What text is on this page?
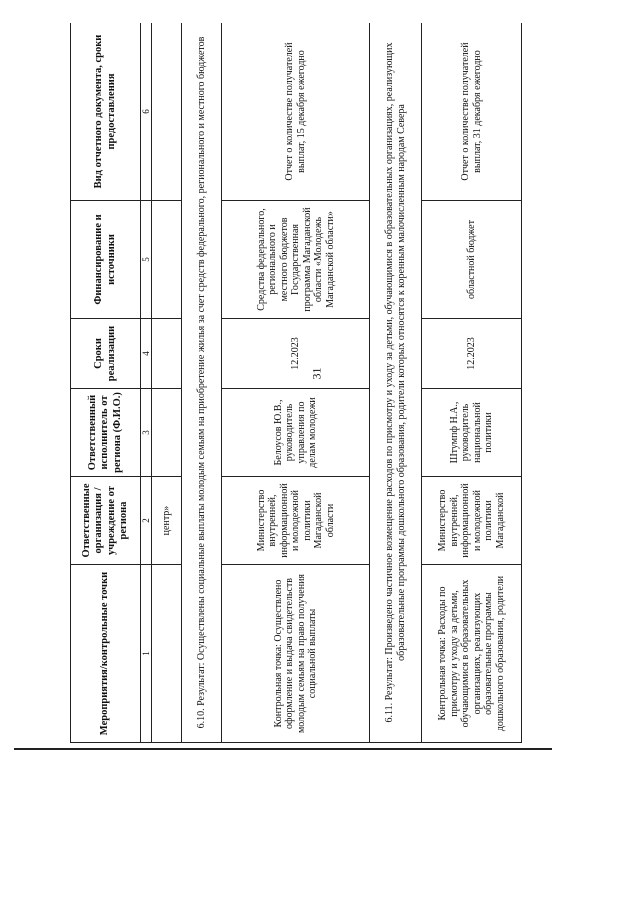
31
Мероприятия/контрольные точки	Ответственные организация / учреждение от региона	Ответственный исполнитель от региона (Ф.И.О.)	Сроки реализации	Финансирование и источники	Вид отчетного документа, сроки предоставления
1	2	3	4	5	6
	центр»				
6.10. Результат: Осуществлены социальные выплаты молодым семьям на приобретение жилья за счет средств федерального, регионального и местного бюджетов					
Контрольная точка: Осуществлено оформление и выдача свидетельств молодым семьям на право получения социальной выплаты	Министерство внутренней, информационной и молодежной политики Магаданской области	Белоусов Ю.В., руководитель управления по делам молодежи	12.2023	Средства федерального, регионального и местного бюджетов Государственная программа Магаданской области «Молодежь Магаданской области»	Отчет о количестве получателей выплат, 15 декабря ежегодно
6.11. Результат: Произведено частичное возмещение расходов по присмотру и уходу за детьми, обучающимися в образовательных организациях, реализующих образовательные программы дошкольного образования, родители которых относятся к коренным малочисленным народам Севера					
Контрольная точка: Расходы по присмотру и уходу за детьми, обучающимися в образовательных организациях, реализующих образовательные программы дошкольного образования, родители	Министерство внутренней, информационной и молодежной политики Магаданской	Штумпф Н.А., руководитель национальной политики	12.2023	областной бюджет	Отчет о количестве получателей выплат, 31 декабря ежегодно
